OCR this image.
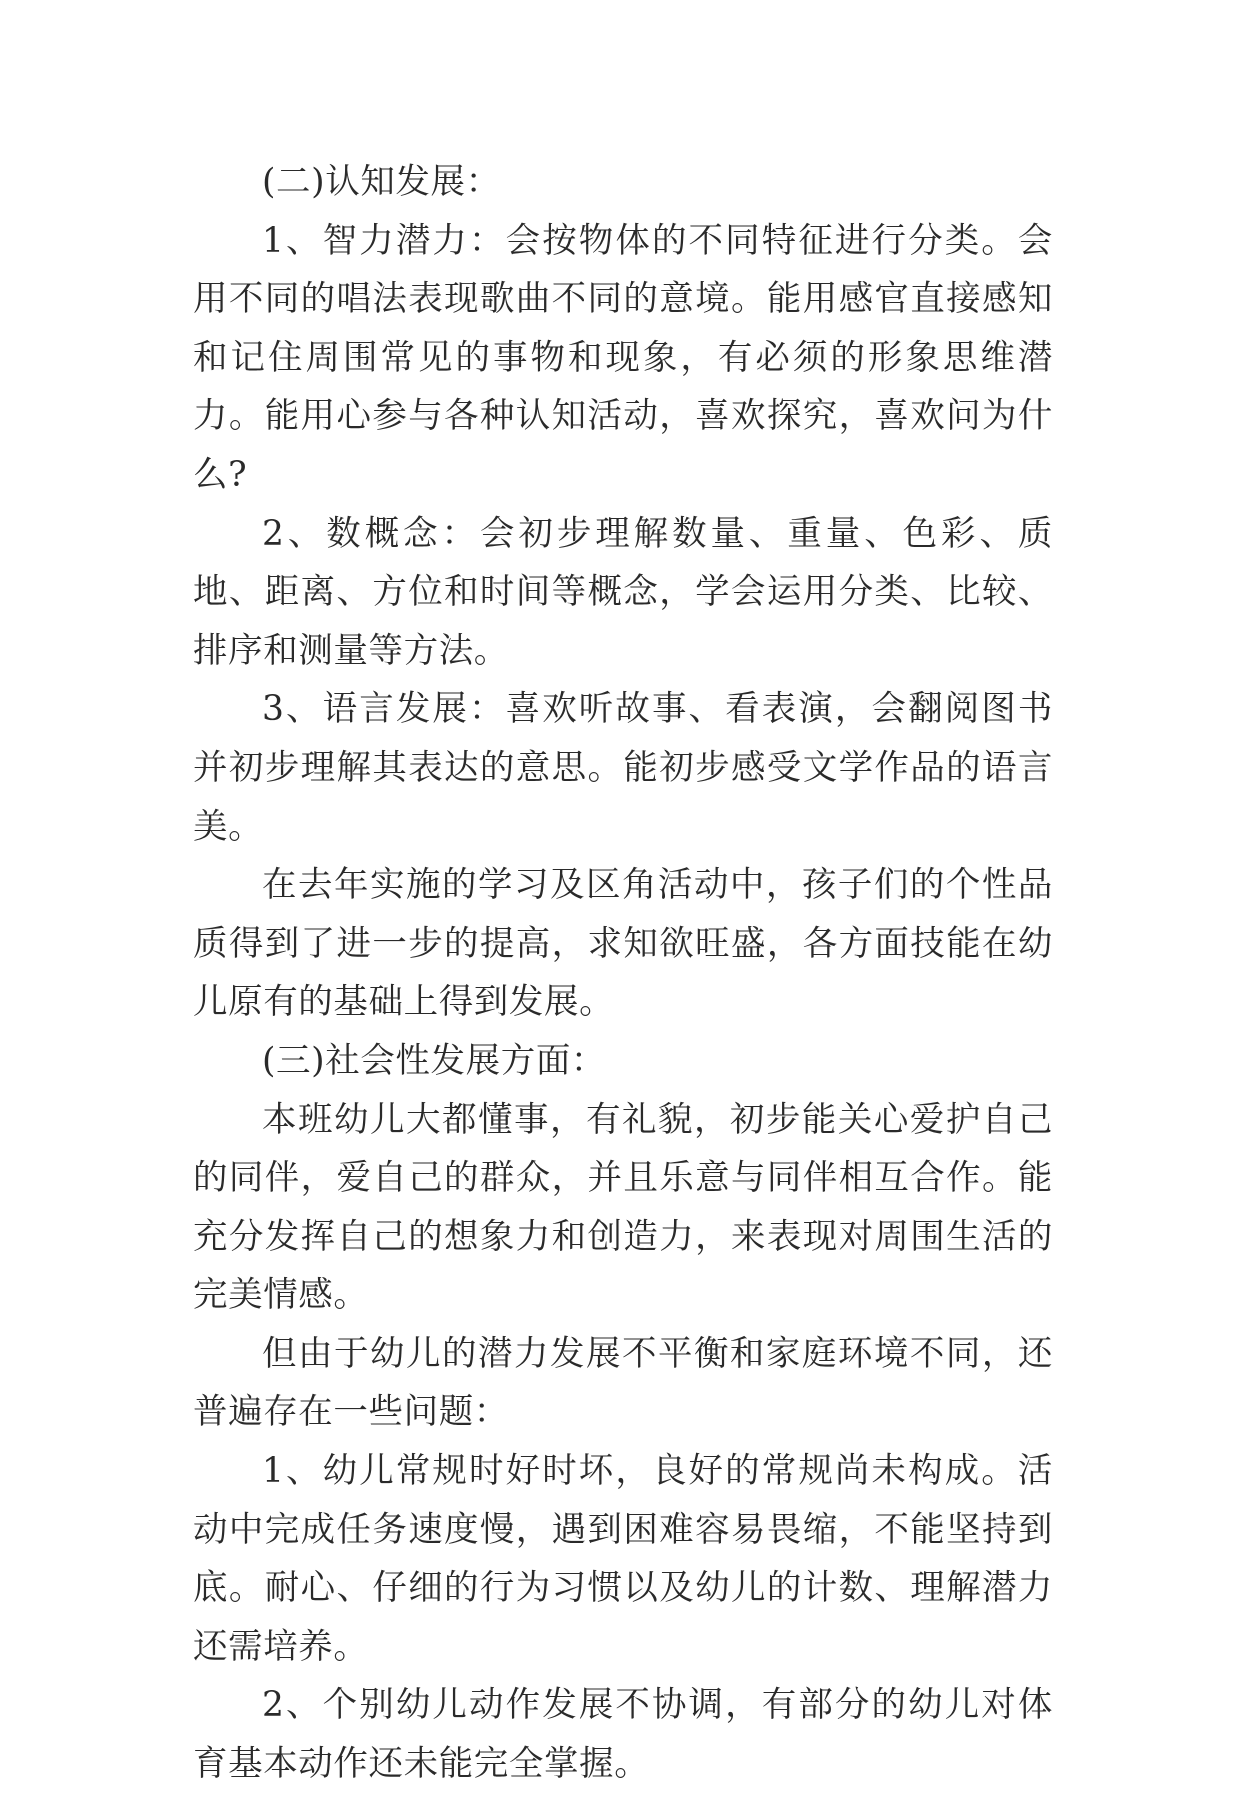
(二)认知发展：

1、智力潜力：会按物体的不同特征进行分类。会用不同的唱法表现歌曲不同的意境。能用感官直接感知和记住周围常见的事物和现象，有必须的形象思维潜力。能用心参与各种认知活动，喜欢探究，喜欢问为什么?

2、数概念：会初步理解数量、重量、色彩、质地、距离、方位和时间等概念，学会运用分类、比较、排序和测量等方法。

3、语言发展：喜欢听故事、看表演，会翻阅图书并初步理解其表达的意思。能初步感受文学作品的语言美。

在去年实施的学习及区角活动中，孩子们的个性品质得到了进一步的提高，求知欲旺盛，各方面技能在幼儿原有的基础上得到发展。

(三)社会性发展方面：

本班幼儿大都懂事，有礼貌，初步能关心爱护自己的同伴，爱自己的群众，并且乐意与同伴相互合作。能充分发挥自己的想象力和创造力，来表现对周围生活的完美情感。

但由于幼儿的潜力发展不平衡和家庭环境不同，还普遍存在一些问题：

1、幼儿常规时好时坏，良好的常规尚未构成。活动中完成任务速度慢，遇到困难容易畏缩，不能坚持到底。耐心、仔细的行为习惯以及幼儿的计数、理解潜力还需培养。

2、个别幼儿动作发展不协调，有部分的幼儿对体育基本动作还未能完全掌握。
